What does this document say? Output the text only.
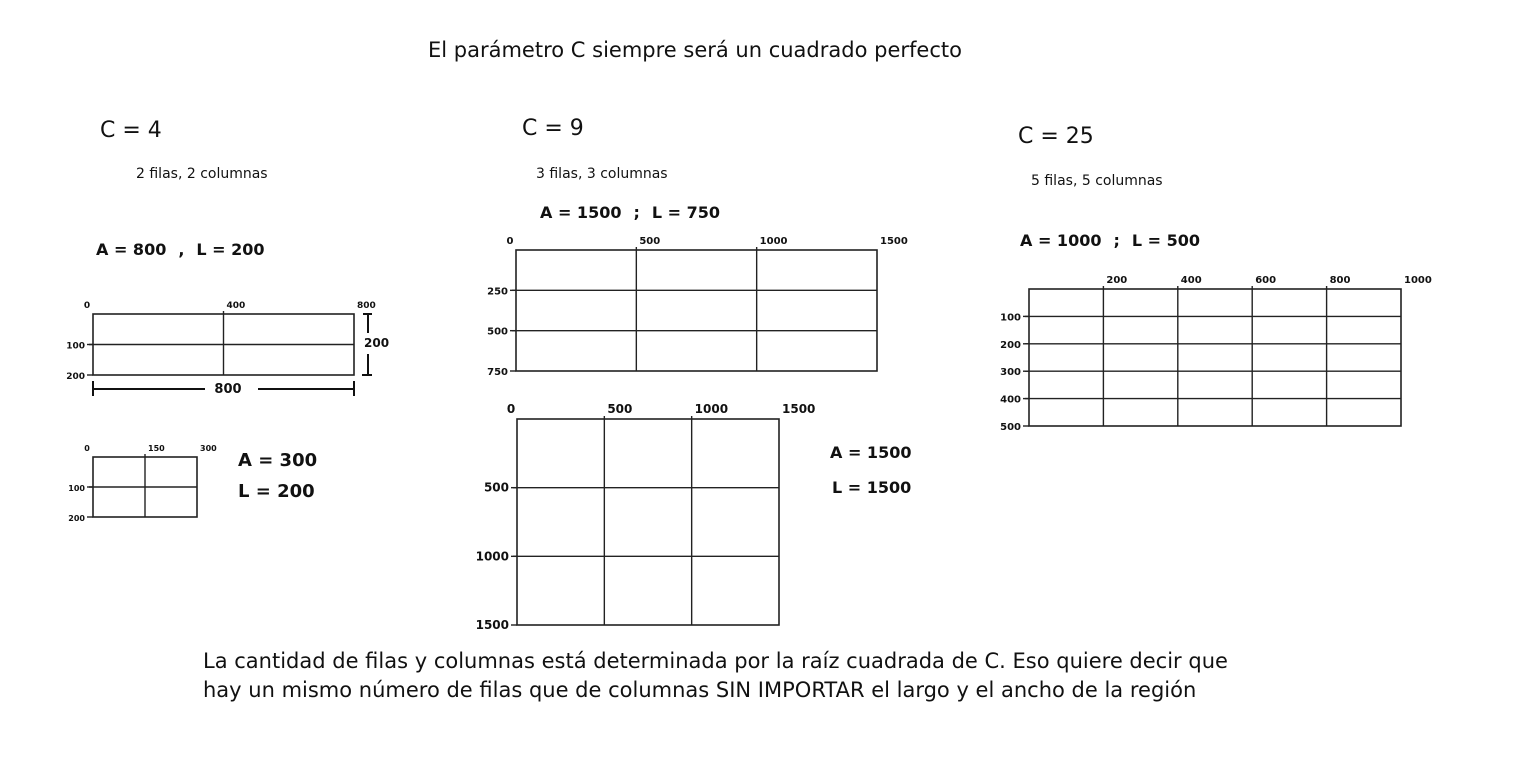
El parámetro C siempre será un cuadrado perfecto
C = 4
2 filas, 2 columnas
C = 9
3 filas, 3 columnas
C = 25
5 filas, 5 columnas
A = 800 , L = 200
A = 300
L = 200
A = 1500 ; L = 750
A = 1500
L = 1500
A = 1000 ; L = 500
0	400	800
100
200
0	150	300
100
200
0	500	1000	1500
250
500
750
0	500	1000	1500
500
1000
1500
200	400	600	800	1000
100
200
300
400
500
800
200
La cantidad de filas y columnas está determinada por la raíz cuadrada de C. Eso quiere decir que
hay un mismo número de filas que de columnas SIN IMPORTAR el largo y el ancho de la región
